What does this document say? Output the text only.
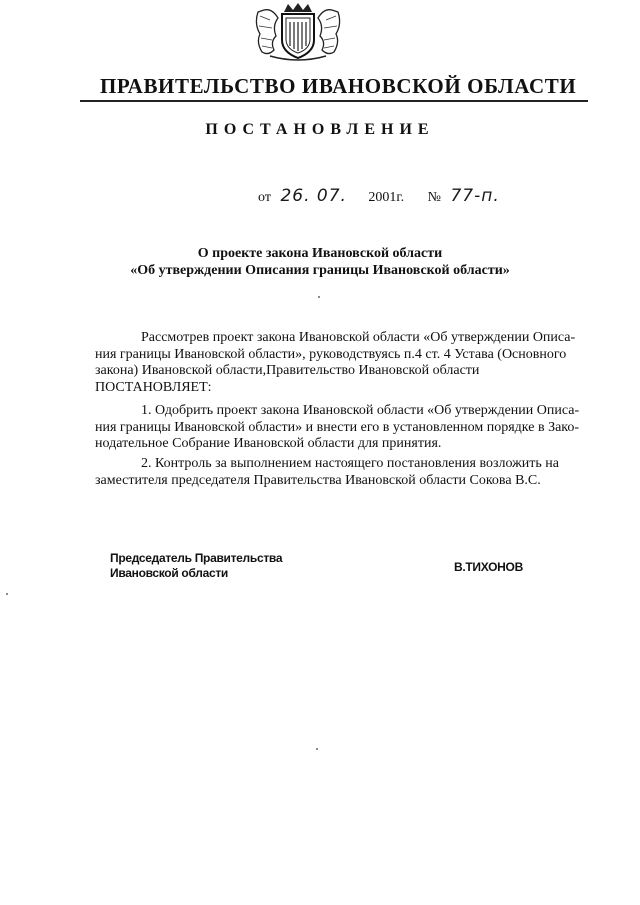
ПРАВИТЕЛЬСТВО ИВАНОВСКОЙ ОБЛАСТИ
ПОСТАНОВЛЕНИЕ
от 26. 07. 2001г. № 77-п.
О проекте закона Ивановской области
«Об утверждении Описания границы Ивановской области»
Рассмотрев проект закона Ивановской области «Об утверждении Описа-
ния границы Ивановской области», руководствуясь п.4 ст. 4 Устава (Основного
закона) Ивановской области,Правительство Ивановской области
ПОСТАНОВЛЯЕТ:
1. Одобрить проект закона Ивановской области «Об утверждении Описа-
ния границы Ивановской области» и внести его в установленном порядке в Зако-
нодательное Собрание Ивановской области для принятия.
2. Контроль за выполнением настоящего постановления возложить на
заместителя председателя Правительства Ивановской области Сокова В.С.
Председатель Правительства
Ивановской области	В.ТИХОНОВ
